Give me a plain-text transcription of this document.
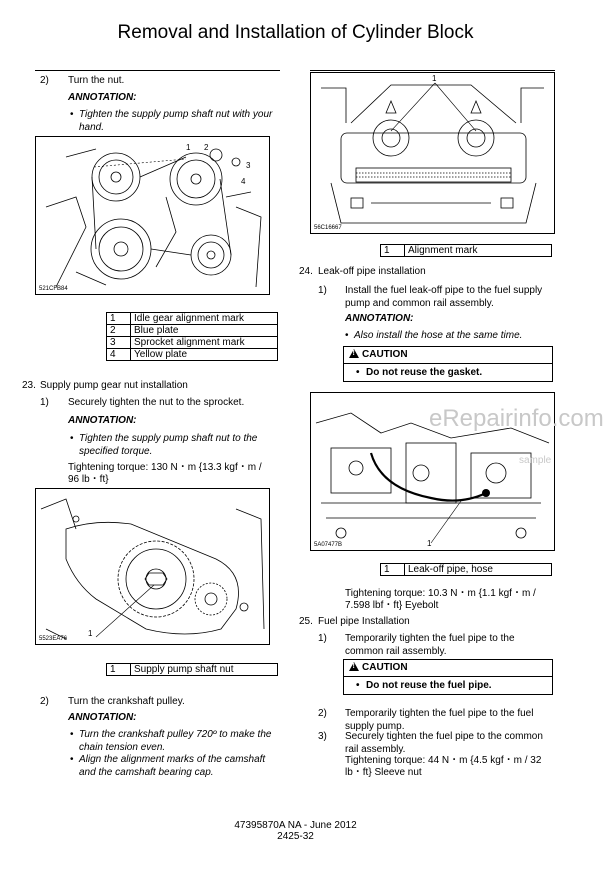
Removal and Installation of Cylinder Block
2) Turn the nut.
ANNOTATION:
• Tighten the supply pump shaft nut with your hand.
1 2
3
4
521CFB84
1	Idle gear alignment mark
2	Blue plate
3	Sprocket alignment mark
4	Yellow plate
23. Supply pump gear nut installation
1) Securely tighten the nut to the sprocket.
ANNOTATION:
• Tighten the supply pump shaft nut to the specified torque.
Tightening torque: 130 N・m {13.3 kgf・m /
96 lb・ft}
1
5523EA76
1	Supply pump shaft nut
2) Turn the crankshaft pulley.
ANNOTATION:
• Turn the crankshaft pulley 720º to make the chain tension even.
• Align the alignment marks of the camshaft and the camshaft bearing cap.
1
56C16667
1	Alignment mark
24. Leak-off pipe installation
1) Install the fuel leak-off pipe to the fuel supply pump and common rail assembly.
ANNOTATION:
• Also install the hose at the same time.
!CAUTION
• Do not reuse the gasket.
eRepairinfo.com
sample
1
5A07477B
1	Leak-off pipe, hose
Tightening torque: 10.3 N・m {1.1 kgf・m /
7.598 lbf・ft} Eyebolt
25. Fuel pipe Installation
1) Temporarily tighten the fuel pipe to the common rail assembly.
!CAUTION
• Do not reuse the fuel pipe.
2) Temporarily tighten the fuel pipe to the fuel supply pump.
3) Securely tighten the fuel pipe to the common rail assembly.
Tightening torque: 44 N・m {4.5 kgf・m / 32
lb・ft} Sleeve nut
47395870A NA - June 2012
2425-32
